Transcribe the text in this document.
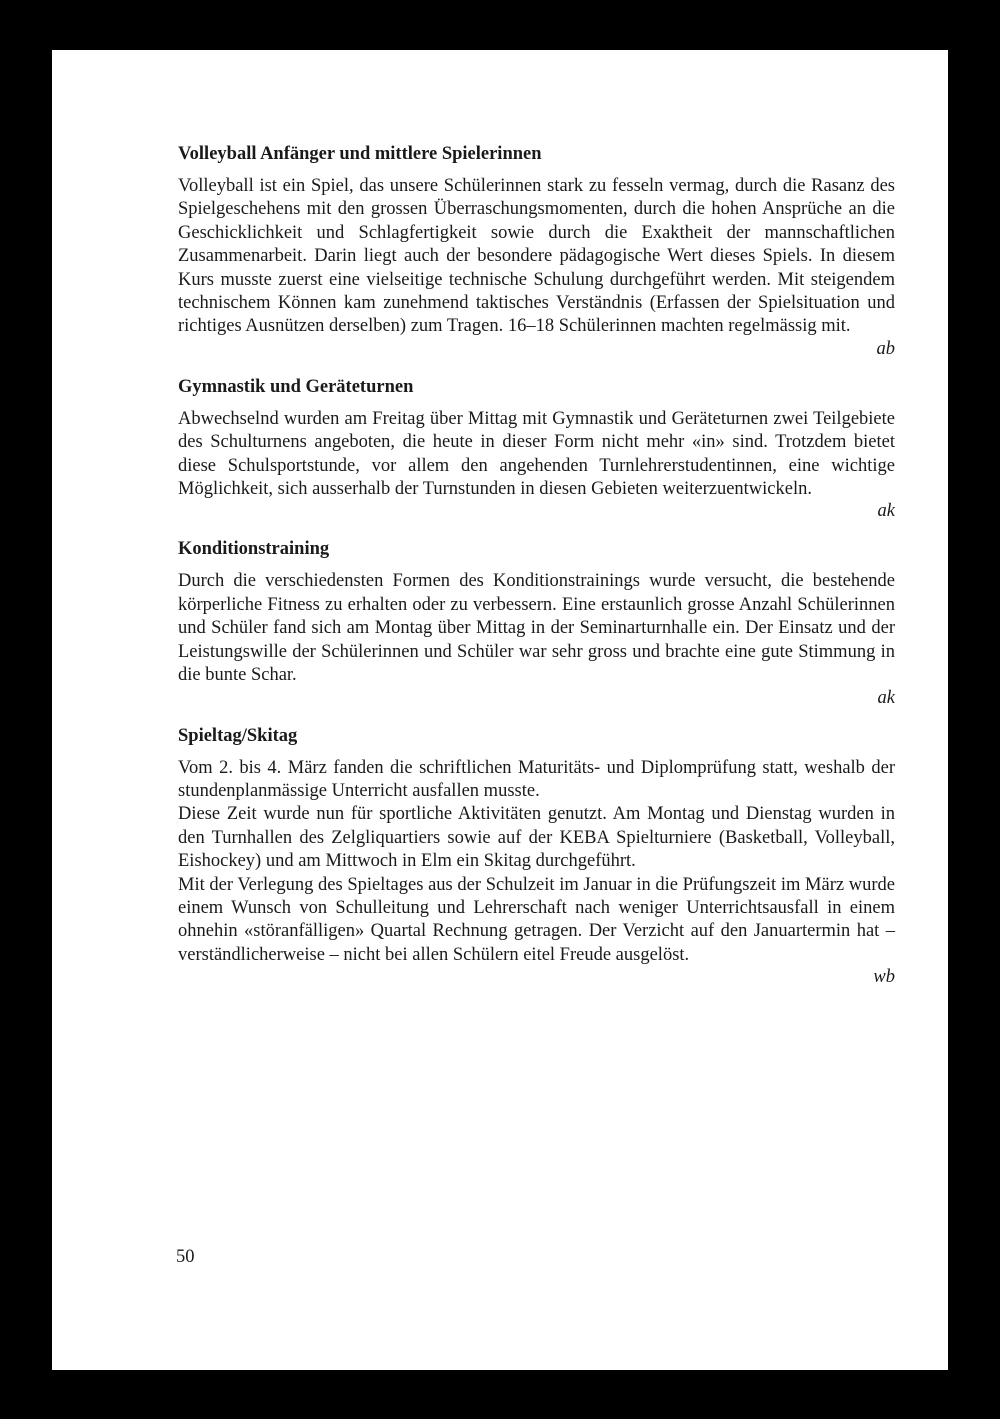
Volleyball Anfänger und mittlere Spielerinnen

Volleyball ist ein Spiel, das unsere Schülerinnen stark zu fesseln vermag, durch die Rasanz des Spielgeschehens mit den grossen Überraschungsmomenten, durch die hohen Ansprüche an die Geschicklichkeit und Schlagfertigkeit sowie durch die Exaktheit der mannschaftlichen Zusammenarbeit. Darin liegt auch der besondere pädagogische Wert dieses Spiels. In diesem Kurs musste zuerst eine vielseitige technische Schulung durchgeführt werden. Mit steigendem technischem Können kam zunehmend taktisches Verständnis (Erfassen der Spielsituation und richtiges Ausnützen derselben) zum Tragen. 16–18 Schülerinnen machten regelmässig mit.

ab

Gymnastik und Geräteturnen

Abwechselnd wurden am Freitag über Mittag mit Gymnastik und Geräteturnen zwei Teilgebiete des Schulturnens angeboten, die heute in dieser Form nicht mehr «in» sind. Trotzdem bietet diese Schulsportstunde, vor allem den angehenden Turnlehrerstudentinnen, eine wichtige Möglichkeit, sich ausserhalb der Turnstunden in diesen Gebieten weiterzuentwickeln.

ak

Konditionstraining

Durch die verschiedensten Formen des Konditionstrainings wurde versucht, die bestehende körperliche Fitness zu erhalten oder zu verbessern. Eine erstaunlich grosse Anzahl Schülerinnen und Schüler fand sich am Montag über Mittag in der Seminarturnhalle ein. Der Einsatz und der Leistungswille der Schülerinnen und Schüler war sehr gross und brachte eine gute Stimmung in die bunte Schar.

ak

Spieltag/Skitag

Vom 2. bis 4. März fanden die schriftlichen Maturitäts- und Diplomprüfung statt, weshalb der stundenplanmässige Unterricht ausfallen musste.

Diese Zeit wurde nun für sportliche Aktivitäten genutzt. Am Montag und Dienstag wurden in den Turnhallen des Zelgliquartiers sowie auf der KEBA Spielturniere (Basketball, Volleyball, Eishockey) und am Mittwoch in Elm ein Skitag durchgeführt.

Mit der Verlegung des Spieltages aus der Schulzeit im Januar in die Prüfungszeit im März wurde einem Wunsch von Schulleitung und Lehrerschaft nach weniger Unterrichtsausfall in einem ohnehin «störanfälligen» Quartal Rechnung getragen. Der Verzicht auf den Januartermin hat – verständlicherweise – nicht bei allen Schülern eitel Freude ausgelöst.

wb

50
